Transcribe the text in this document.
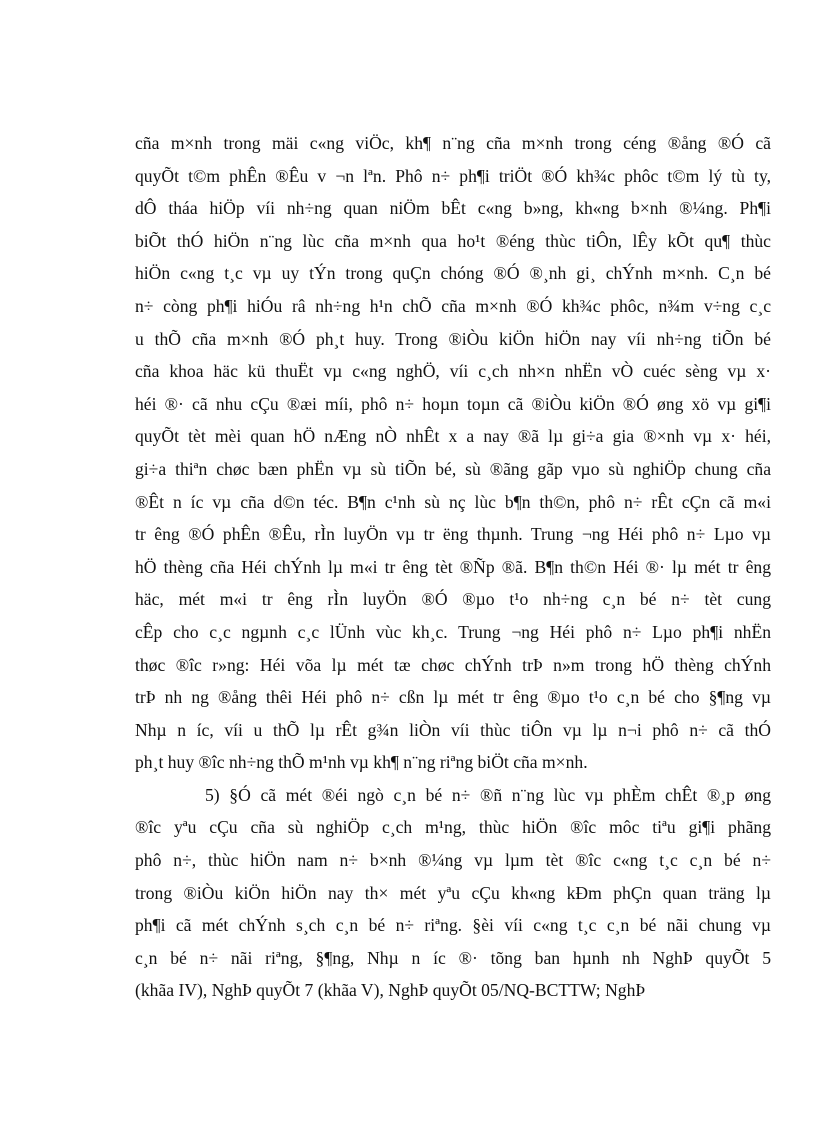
cña m×nh trong mäi c«ng viÖc, kh¶ n¨ng cña m×nh trong céng ®ång ®Ó cã
quyÕt t©m phÊn ®Êu v ¬n lªn. Phô n÷ ph¶i triÖt ®Ó kh¾c phôc t©m lý tù ty,
dÔ tháa hiÖp víi nh÷ng quan niÖm bÊt c«ng b»ng, kh«ng b×nh ®¼ng. Ph¶i
biÕt thÓ hiÖn n¨ng lùc cña m×nh qua ho¹t ®éng thùc tiÔn, lÊy kÕt qu¶ thùc
hiÖn c«ng t¸c vµ uy tÝn trong quÇn chóng ®Ó ®¸nh gi¸ chÝnh m×nh. C¸n bé
n÷ còng ph¶i hiÓu râ nh÷ng h¹n chÕ cña m×nh ®Ó kh¾c phôc, n¾m v÷ng c¸c
u thÕ cña m×nh ®Ó ph¸t huy. Trong ®iÒu kiÖn hiÖn nay víi nh÷ng tiÕn bé
cña khoa häc kü thuËt vµ c«ng nghÖ, víi c¸ch nh×n nhËn vÒ cuéc sèng vµ x·
héi ®· cã nhu cÇu ®æi míi, phô n÷ hoµn toµn cã ®iÒu kiÖn ®Ó øng xö vµ gi¶i
quyÕt tèt mèi quan hÖ nÆng nÒ nhÊt x a nay ®ã lµ gi÷a gia ®×nh vµ x· héi,
gi÷a thiªn chøc bæn phËn vµ sù tiÕn bé, sù ®ãng gãp vµo sù nghiÖp chung cña
®Êt n íc vµ cña d©n téc. B¶n c¹nh sù nç lùc b¶n th©n, phô n÷ rÊt cÇn cã m«i
tr êng ®Ó phÊn ®Êu, rÌn luyÖn vµ tr ëng thµnh. Trung ¬ng Héi phô n÷ Lµo vµ
hÖ thèng cña Héi chÝnh lµ m«i tr êng tèt ®Ñp ®ã. B¶n th©n Héi ®· lµ mét tr êng
häc, mét m«i tr êng rÌn luyÖn ®Ó ®µo t¹o nh÷ng c¸n bé n÷ tèt cung
cÊp cho c¸c ngµnh c¸c lÜnh vùc kh¸c. Trung ¬ng Héi phô n÷ Lµo ph¶i nhËn
thøc ®îc r»ng: Héi võa lµ mét tæ chøc chÝnh trÞ n»m trong hÖ thèng chÝnh
trÞ nh ng ®ång thêi Héi phô n÷ cßn lµ mét tr êng ®µo t¹o c¸n bé cho §¶ng vµ
Nhµ n íc, víi u thÕ lµ rÊt g¾n liÒn víi thùc tiÔn vµ lµ n¬i phô n÷ cã thÓ
ph¸t huy ®îc nh÷ng thÕ m¹nh vµ kh¶ n¨ng riªng biÖt cña m×nh.

5) §Ó cã mét ®éi ngò c¸n bé n÷ ®ñ n¨ng lùc vµ phÈm chÊt ®¸p øng
®îc yªu cÇu cña sù nghiÖp c¸ch m¹ng, thùc hiÖn ®îc môc tiªu gi¶i phãng
phô n÷, thùc hiÖn nam n÷ b×nh ®¼ng vµ lµm tèt ®îc c«ng t¸c c¸n bé n÷
trong ®iÒu kiÖn hiÖn nay th× mét yªu cÇu kh«ng kÐm phÇn quan träng lµ
ph¶i cã mét chÝnh s¸ch c¸n bé n÷ riªng. §èi víi c«ng t¸c c¸n bé nãi chung vµ
c¸n bé n÷ nãi riªng, §¶ng, Nhµ n íc ®· tõng ban hµnh nh NghÞ quyÕt 5
(khãa IV), NghÞ quyÕt 7 (khãa V), NghÞ quyÕt 05/NQ-BCTTW; NghÞ
